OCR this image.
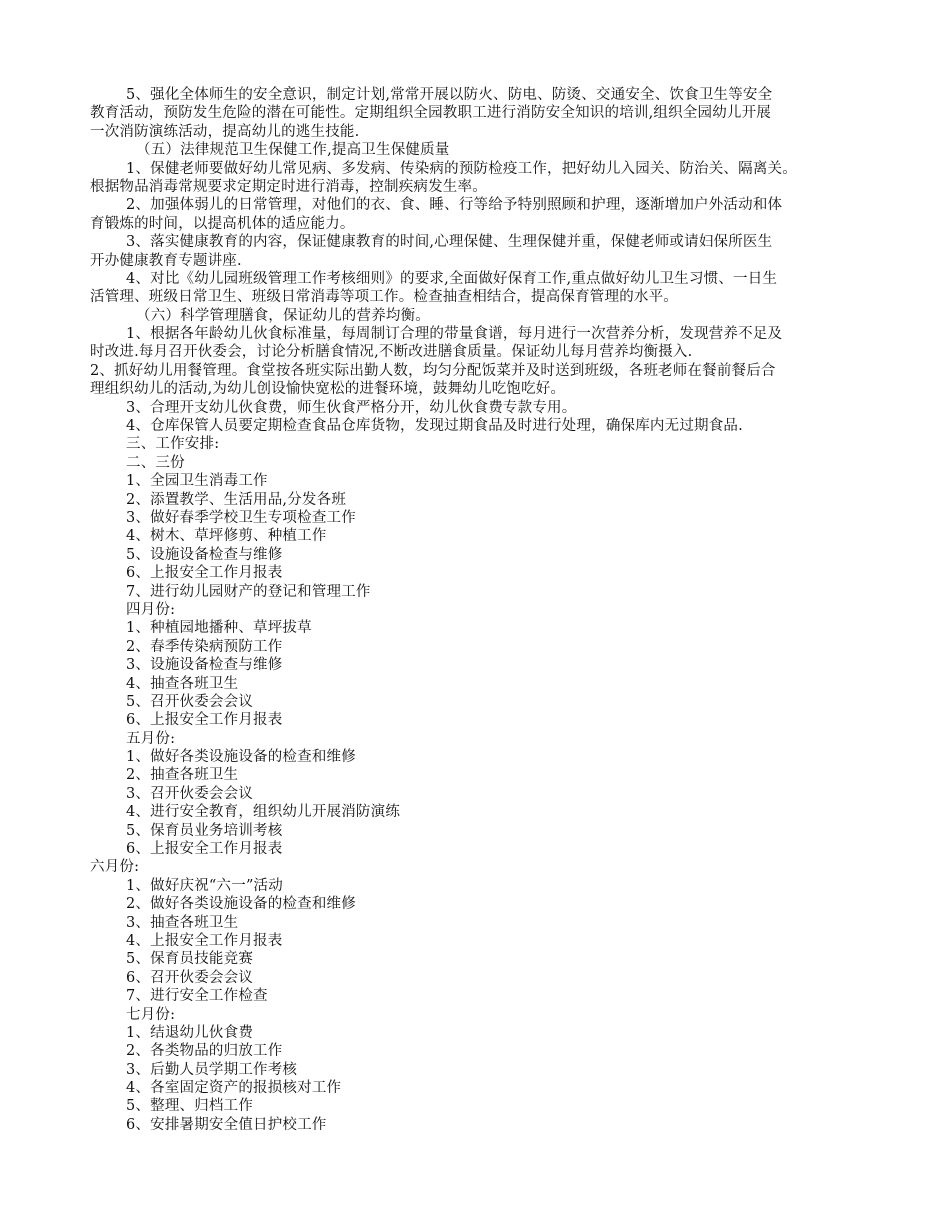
5、强化全体师生的安全意识，制定计划,常常开展以防火、防电、防烫、交通安全、饮食卫生等安全
教育活动，预防发生危险的潜在可能性。定期组织全园教职工进行消防安全知识的培训,组织全园幼儿开展
一次消防演练活动，提高幼儿的逃生技能.
（五）法律规范卫生保健工作,提高卫生保健质量
1、保健老师要做好幼儿常见病、多发病、传染病的预防检疫工作，把好幼儿入园关、防治关、隔离关。
根据物品消毒常规要求定期定时进行消毒，控制疾病发生率。
2、加强体弱儿的日常管理，对他们的衣、食、睡、行等给予特别照顾和护理，逐渐增加户外活动和体
育锻炼的时间，以提高机体的适应能力。
3、落实健康教育的内容，保证健康教育的时间,心理保健、生理保健并重，保健老师或请妇保所医生
开办健康教育专题讲座.
4、对比《幼儿园班级管理工作考核细则》的要求,全面做好保育工作,重点做好幼儿卫生习惯、一日生
活管理、班级日常卫生、班级日常消毒等项工作。检查抽查相结合，提高保育管理的水平。
（六）科学管理膳食，保证幼儿的营养均衡。
1、根据各年龄幼儿伙食标准量，每周制订合理的带量食谱，每月进行一次营养分析，发现营养不足及
时改进.每月召开伙委会，讨论分析膳食情况,不断改进膳食质量。保证幼儿每月营养均衡摄入.
2、抓好幼儿用餐管理。食堂按各班实际出勤人数，均匀分配饭菜并及时送到班级，各班老师在餐前餐后合
理组织幼儿的活动,为幼儿创设愉快宽松的进餐环境，鼓舞幼儿吃饱吃好。
3、合理开支幼儿伙食费，师生伙食严格分开，幼儿伙食费专款专用。
4、仓库保管人员要定期检查食品仓库货物，发现过期食品及时进行处理，确保库内无过期食品.
三、工作安排:
二、三份
1、全园卫生消毒工作
2、添置教学、生活用品,分发各班
3、做好春季学校卫生专项检查工作
4、树木、草坪修剪、种植工作
5、设施设备检查与维修
6、上报安全工作月报表
7、进行幼儿园财产的登记和管理工作
四月份:
1、种植园地播种、草坪拔草
2、春季传染病预防工作
3、设施设备检查与维修
4、抽查各班卫生
5、召开伙委会会议
6、上报安全工作月报表
五月份:
1、做好各类设施设备的检查和维修
2、抽查各班卫生
3、召开伙委会会议
4、进行安全教育，组织幼儿开展消防演练
5、保育员业务培训考核
6、上报安全工作月报表
六月份:
1、做好庆祝“六一”活动
2、做好各类设施设备的检查和维修
3、抽查各班卫生
4、上报安全工作月报表
5、保育员技能竞赛
6、召开伙委会会议
7、进行安全工作检查
七月份:
1、结退幼儿伙食费
2、各类物品的归放工作
3、后勤人员学期工作考核
4、各室固定资产的报损核对工作
5、整理、归档工作
6、安排暑期安全值日护校工作
